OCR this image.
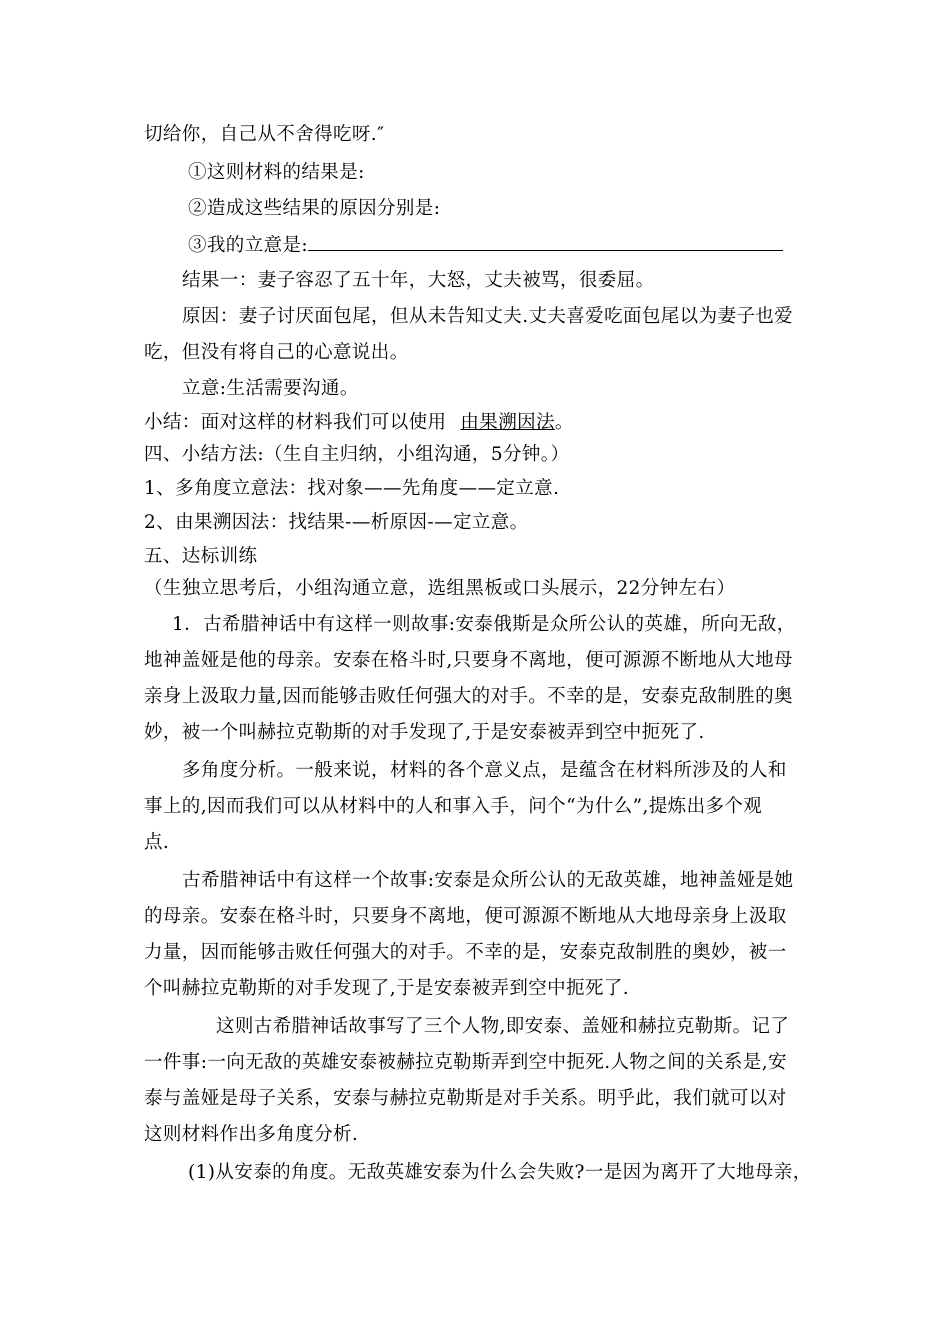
切给你，自己从不舍得吃呀.″
①这则材料的结果是:
②造成这些结果的原因分别是:
③我的立意是:
结果一：妻子容忍了五十年，大怒，丈夫被骂，很委屈。
原因：妻子讨厌面包尾，但从未告知丈夫.丈夫喜爱吃面包尾以为妻子也爱
吃，但没有将自己的心意说出。
立意:生活需要沟通。
小结：面对这样的材料我们可以使用 由果溯因法。
四、小结方法:（生自主归纳，小组沟通，5分钟。）
1、多角度立意法：找对象——先角度——定立意.
2、由果溯因法：找结果-—析原因-—定立意。
五、达标训练
（生独立思考后，小组沟通立意，选组黑板或口头展示，22分钟左右）
1．古希腊神话中有这样一则故事:安泰俄斯是众所公认的英雄，所向无敌，
地神盖娅是他的母亲。安泰在格斗时,只要身不离地，便可源源不断地从大地母
亲身上汲取力量,因而能够击败任何强大的对手。不幸的是，安泰克敌制胜的奥
妙，被一个叫赫拉克勒斯的对手发现了,于是安泰被弄到空中扼死了.
多角度分析。一般来说，材料的各个意义点，是蕴含在材料所涉及的人和
事上的,因而我们可以从材料中的人和事入手，问个“为什么”,提炼出多个观
点.
古希腊神话中有这样一个故事:安泰是众所公认的无敌英雄，地神盖娅是她
的母亲。安泰在格斗时，只要身不离地，便可源源不断地从大地母亲身上汲取
力量，因而能够击败任何强大的对手。不幸的是，安泰克敌制胜的奥妙，被一
个叫赫拉克勒斯的对手发现了,于是安泰被弄到空中扼死了.
这则古希腊神话故事写了三个人物,即安泰、盖娅和赫拉克勒斯。记了
一件事:一向无敌的英雄安泰被赫拉克勒斯弄到空中扼死.人物之间的关系是,安
泰与盖娅是母子关系，安泰与赫拉克勒斯是对手关系。明乎此，我们就可以对
这则材料作出多角度分析.
(1)从安泰的角度。无敌英雄安泰为什么会失败?一是因为离开了大地母亲，
